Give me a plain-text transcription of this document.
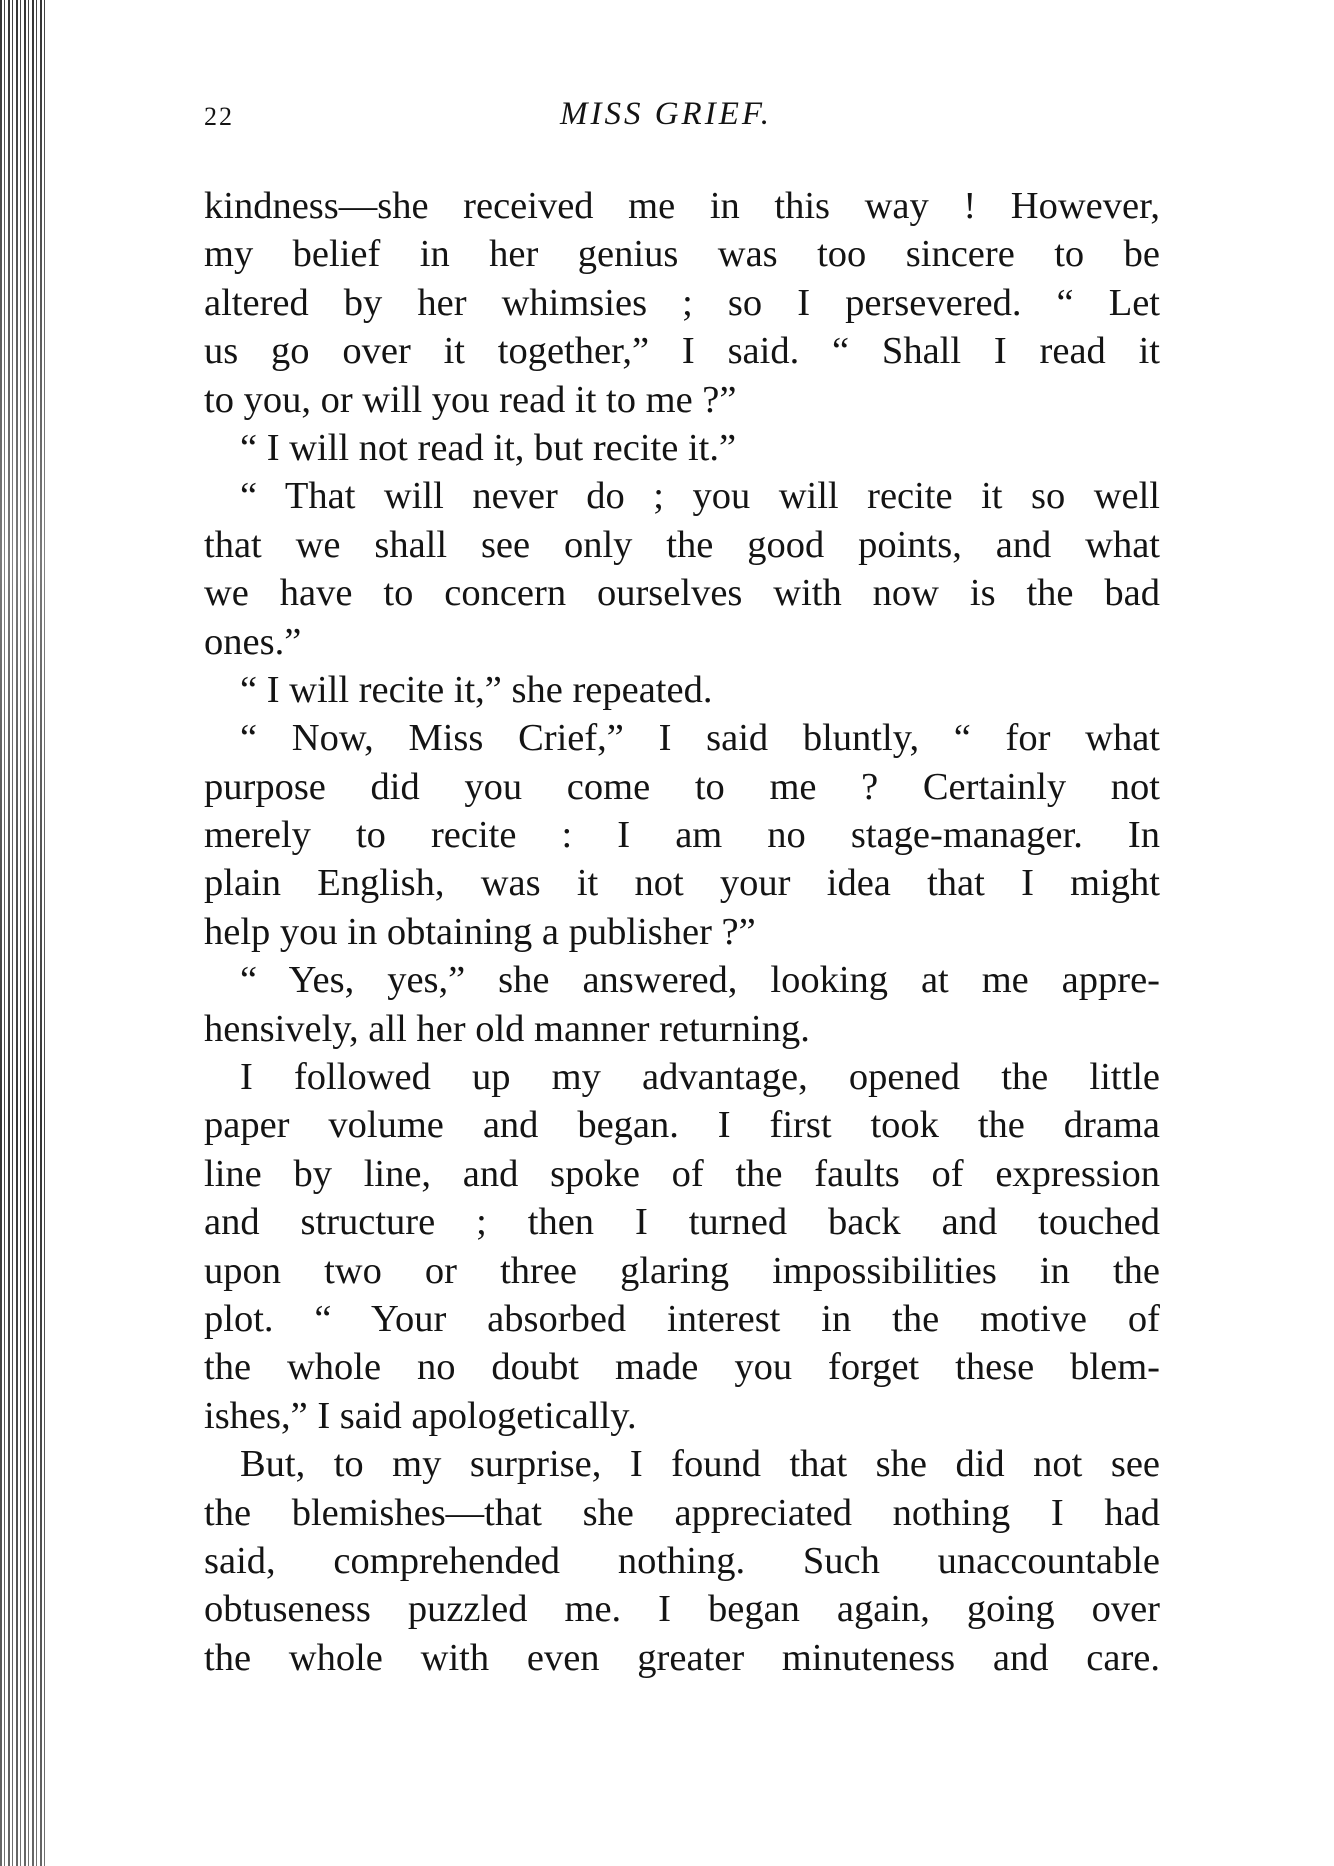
22	MISS GRIEF.
kindness—she received me in this way ! However,
my belief in her genius was too sincere to be
altered by her whimsies ; so I persevered. “ Let
us go over it together,” I said. “ Shall I read it
to you, or will you read it to me ?”
“ I will not read it, but recite it.”
“ That will never do ; you will recite it so well
that we shall see only the good points, and what
we have to concern ourselves with now is the bad
ones.”
“ I will recite it,” she repeated.
“ Now, Miss Crief,” I said bluntly, “ for what
purpose did you come to me ? Certainly not
merely to recite : I am no stage-manager. In
plain English, was it not your idea that I might
help you in obtaining a publisher ?”
“ Yes, yes,” she answered, looking at me appre-
hensively, all her old manner returning.
I followed up my advantage, opened the little
paper volume and began. I first took the drama
line by line, and spoke of the faults of expression
and structure ; then I turned back and touched
upon two or three glaring impossibilities in the
plot. “ Your absorbed interest in the motive of
the whole no doubt made you forget these blem-
ishes,” I said apologetically.
But, to my surprise, I found that she did not see
the blemishes—that she appreciated nothing I had
said, comprehended nothing. Such unaccountable
obtuseness puzzled me. I began again, going over
the whole with even greater minuteness and care.
